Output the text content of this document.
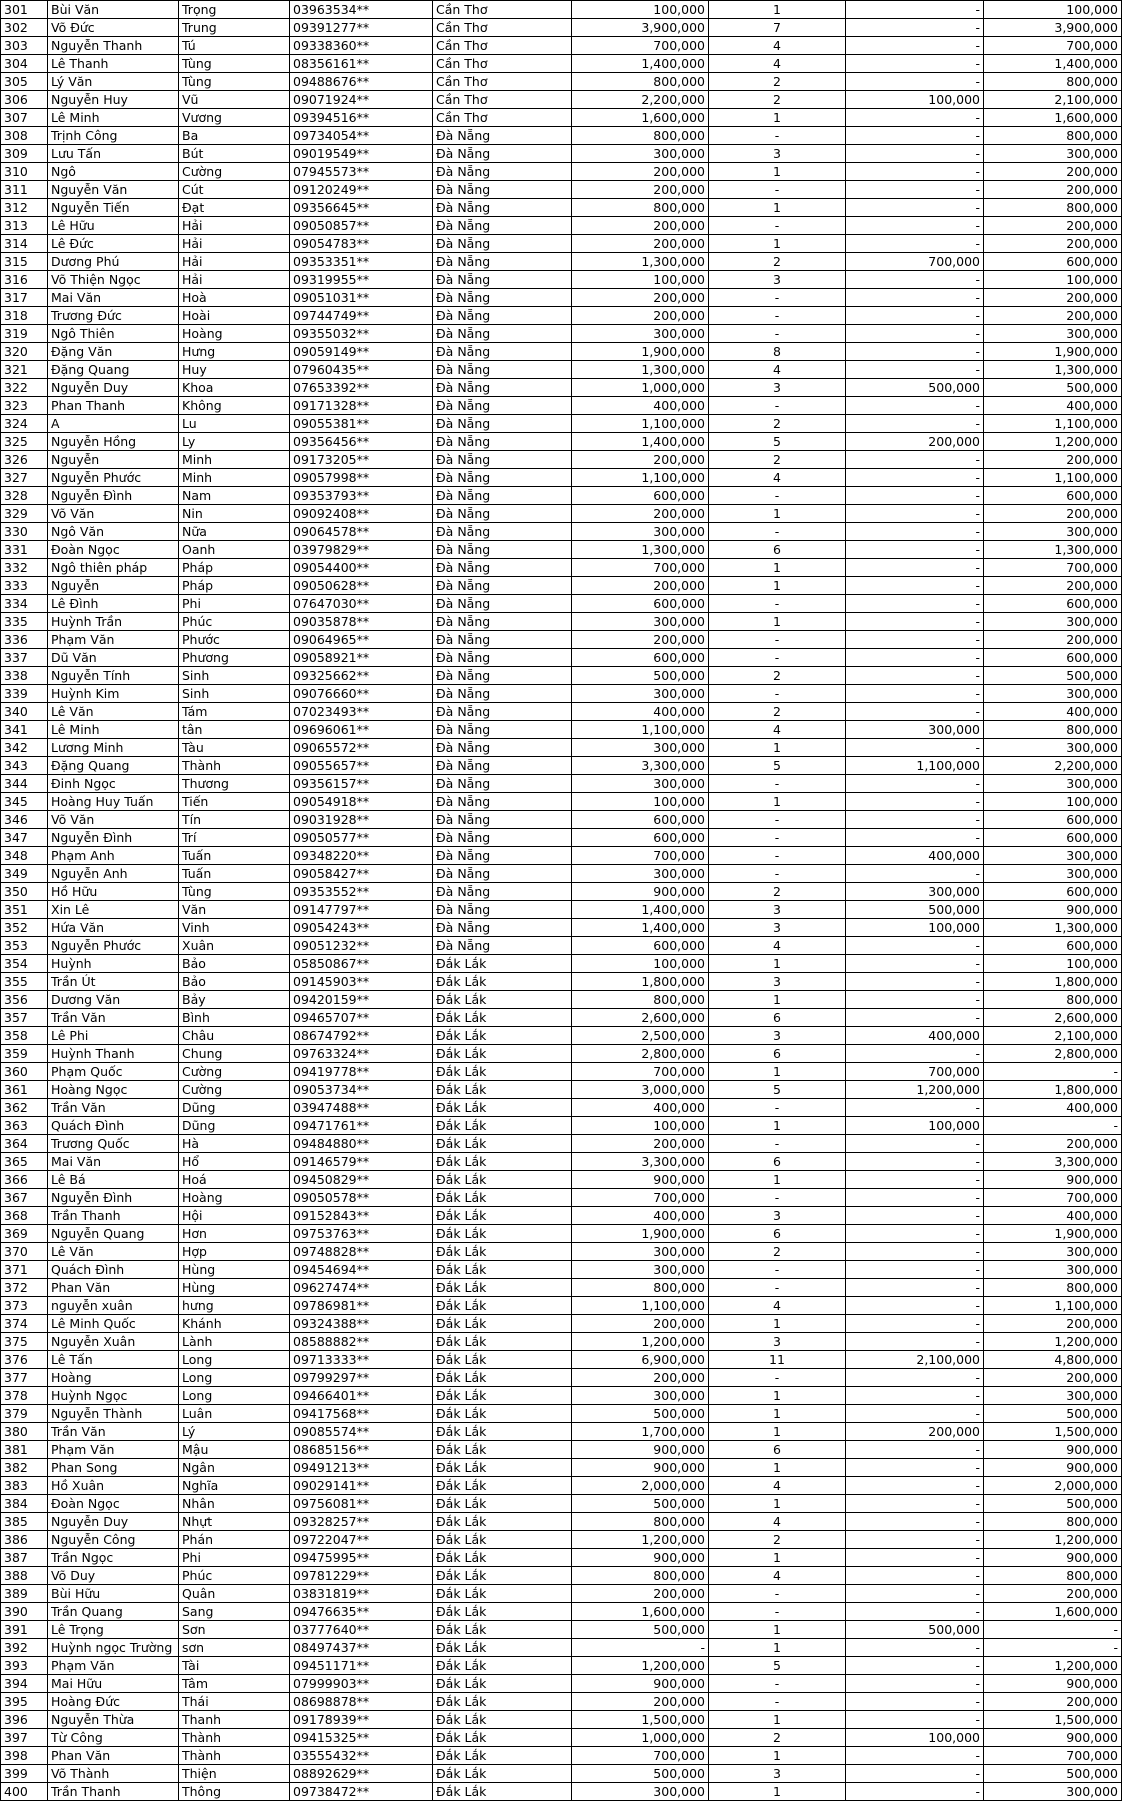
301	Bùi Văn	Trọng	03963534**	Cần Thơ	100,000	1	-	100,000
302	Võ Đức	Trung	09391277**	Cần Thơ	3,900,000	7	-	3,900,000
303	Nguyễn Thanh	Tú	09338360**	Cần Thơ	700,000	4	-	700,000
304	Lê Thanh	Tùng	08356161**	Cần Thơ	1,400,000	4	-	1,400,000
305	Lý Văn	Tùng	09488676**	Cần Thơ	800,000	2	-	800,000
306	Nguyễn Huy	Vũ	09071924**	Cần Thơ	2,200,000	2	100,000	2,100,000
307	Lê Minh	Vương	09394516**	Cần Thơ	1,600,000	1	-	1,600,000
308	Trịnh Công	Ba	09734054**	Đà Nẵng	800,000	-	-	800,000
309	Lưu Tấn	Bút	09019549**	Đà Nẵng	300,000	3	-	300,000
310	Ngô	Cường	07945573**	Đà Nẵng	200,000	1	-	200,000
311	Nguyễn Văn	Cút	09120249**	Đà Nẵng	200,000	-	-	200,000
312	Nguyễn Tiến	Đạt	09356645**	Đà Nẵng	800,000	1	-	800,000
313	Lê Hữu	Hải	09050857**	Đà Nẵng	200,000	-	-	200,000
314	Lê Đức	Hải	09054783**	Đà Nẵng	200,000	1	-	200,000
315	Dương Phú	Hải	09353351**	Đà Nẵng	1,300,000	2	700,000	600,000
316	Võ Thiện Ngọc	Hải	09319955**	Đà Nẵng	100,000	3	-	100,000
317	Mai Văn	Hoà	09051031**	Đà Nẵng	200,000	-	-	200,000
318	Trương Đức	Hoài	09744749**	Đà Nẵng	200,000	-	-	200,000
319	Ngô Thiên	Hoàng	09355032**	Đà Nẵng	300,000	-	-	300,000
320	Đặng Văn	Hưng	09059149**	Đà Nẵng	1,900,000	8	-	1,900,000
321	Đặng Quang	Huy	07960435**	Đà Nẵng	1,300,000	4	-	1,300,000
322	Nguyễn Duy	Khoa	07653392**	Đà Nẵng	1,000,000	3	500,000	500,000
323	Phan Thanh	Không	09171328**	Đà Nẵng	400,000	-	-	400,000
324	A	Lu	09055381**	Đà Nẵng	1,100,000	2	-	1,100,000
325	Nguyễn Hồng	Ly	09356456**	Đà Nẵng	1,400,000	5	200,000	1,200,000
326	Nguyễn	Minh	09173205**	Đà Nẵng	200,000	2	-	200,000
327	Nguyễn Phước	Minh	09057998**	Đà Nẵng	1,100,000	4	-	1,100,000
328	Nguyễn Đình	Nam	09353793**	Đà Nẵng	600,000	-	-	600,000
329	Võ Văn	Nin	09092408**	Đà Nẵng	200,000	1	-	200,000
330	Ngô Văn	Nữa	09064578**	Đà Nẵng	300,000	-	-	300,000
331	Đoàn Ngọc	Oanh	03979829**	Đà Nẵng	1,300,000	6	-	1,300,000
332	Ngô thiên pháp	Pháp	09054400**	Đà Nẵng	700,000	1	-	700,000
333	Nguyễn	Pháp	09050628**	Đà Nẵng	200,000	1	-	200,000
334	Lê Đình	Phi	07647030**	Đà Nẵng	600,000	-	-	600,000
335	Huỳnh Trần	Phúc	09035878**	Đà Nẵng	300,000	1	-	300,000
336	Phạm Văn	Phước	09064965**	Đà Nẵng	200,000	-	-	200,000
337	Dũ Văn	Phương	09058921**	Đà Nẵng	600,000	-	-	600,000
338	Nguyễn Tính	Sinh	09325662**	Đà Nẵng	500,000	2	-	500,000
339	Huỳnh Kim	Sinh	09076660**	Đà Nẵng	300,000	-	-	300,000
340	Lê Văn	Tám	07023493**	Đà Nẵng	400,000	2	-	400,000
341	Lê Minh	tân	09696061**	Đà Nẵng	1,100,000	4	300,000	800,000
342	Lương Minh	Tàu	09065572**	Đà Nẵng	300,000	1	-	300,000
343	Đặng Quang	Thành	09055657**	Đà Nẵng	3,300,000	5	1,100,000	2,200,000
344	Đinh Ngọc	Thương	09356157**	Đà Nẵng	300,000	-	-	300,000
345	Hoàng Huy Tuấn	Tiến	09054918**	Đà Nẵng	100,000	1	-	100,000
346	Võ Văn	Tín	09031928**	Đà Nẵng	600,000	-	-	600,000
347	Nguyễn Đình	Trí	09050577**	Đà Nẵng	600,000	-	-	600,000
348	Phạm Anh	Tuấn	09348220**	Đà Nẵng	700,000	-	400,000	300,000
349	Nguyễn Anh	Tuấn	09058427**	Đà Nẵng	300,000	-	-	300,000
350	Hồ Hữu	Tùng	09353552**	Đà Nẵng	900,000	2	300,000	600,000
351	Xin Lê	Văn	09147797**	Đà Nẵng	1,400,000	3	500,000	900,000
352	Hứa Văn	Vinh	09054243**	Đà Nẵng	1,400,000	3	100,000	1,300,000
353	Nguyễn Phước	Xuân	09051232**	Đà Nẵng	600,000	4	-	600,000
354	Huỳnh	Bảo	05850867**	Đắk Lắk	100,000	1	-	100,000
355	Trần Út	Bảo	09145903**	Đắk Lắk	1,800,000	3	-	1,800,000
356	Dương Văn	Bảy	09420159**	Đắk Lắk	800,000	1	-	800,000
357	Trần Văn	Bình	09465707**	Đắk Lắk	2,600,000	6	-	2,600,000
358	Lê Phi	Châu	08674792**	Đắk Lắk	2,500,000	3	400,000	2,100,000
359	Huỳnh Thanh	Chung	09763324**	Đắk Lắk	2,800,000	6	-	2,800,000
360	Phạm Quốc	Cường	09419778**	Đắk Lắk	700,000	1	700,000	-
361	Hoàng Ngọc	Cường	09053734**	Đắk Lắk	3,000,000	5	1,200,000	1,800,000
362	Trần Văn	Dũng	03947488**	Đắk Lắk	400,000	-	-	400,000
363	Quách Đình	Dũng	09471761**	Đắk Lắk	100,000	1	100,000	-
364	Trương Quốc	Hà	09484880**	Đắk Lắk	200,000	-	-	200,000
365	Mai Văn	Hổ	09146579**	Đắk Lắk	3,300,000	6	-	3,300,000
366	Lê Bá	Hoá	09450829**	Đắk Lắk	900,000	1	-	900,000
367	Nguyễn Đình	Hoàng	09050578**	Đắk Lắk	700,000	-	-	700,000
368	Trần Thanh	Hội	09152843**	Đắk Lắk	400,000	3	-	400,000
369	Nguyễn Quang	Hơn	09753763**	Đắk Lắk	1,900,000	6	-	1,900,000
370	Lê Văn	Hợp	09748828**	Đắk Lắk	300,000	2	-	300,000
371	Quách Đình	Hùng	09454694**	Đắk Lắk	300,000	-	-	300,000
372	Phan Văn	Hùng	09627474**	Đắk Lắk	800,000	-	-	800,000
373	nguyễn xuân	hưng	09786981**	Đắk Lắk	1,100,000	4	-	1,100,000
374	Lê Minh Quốc	Khánh	09324388**	Đắk Lắk	200,000	1	-	200,000
375	Nguyễn Xuân	Lành	08588882**	Đắk Lắk	1,200,000	3	-	1,200,000
376	Lê Tấn	Long	09713333**	Đắk Lắk	6,900,000	11	2,100,000	4,800,000
377	Hoàng	Long	09799297**	Đắk Lắk	200,000	-	-	200,000
378	Huỳnh Ngọc	Long	09466401**	Đắk Lắk	300,000	1	-	300,000
379	Nguyễn Thành	Luân	09417568**	Đắk Lắk	500,000	1	-	500,000
380	Trần Văn	Lý	09085574**	Đắk Lắk	1,700,000	1	200,000	1,500,000
381	Phạm Văn	Mậu	08685156**	Đắk Lắk	900,000	6	-	900,000
382	Phan Song	Ngân	09491213**	Đắk Lắk	900,000	1	-	900,000
383	Hồ Xuân	Nghĩa	09029141**	Đắk Lắk	2,000,000	4	-	2,000,000
384	Đoàn Ngọc	Nhân	09756081**	Đắk Lắk	500,000	1	-	500,000
385	Nguyễn Duy	Nhựt	09328257**	Đắk Lắk	800,000	4	-	800,000
386	Nguyễn Công	Phán	09722047**	Đắk Lắk	1,200,000	2	-	1,200,000
387	Trần Ngọc	Phi	09475995**	Đắk Lắk	900,000	1	-	900,000
388	Võ Duy	Phúc	09781229**	Đắk Lắk	800,000	4	-	800,000
389	Bùi Hữu	Quân	03831819**	Đắk Lắk	200,000	-	-	200,000
390	Trần Quang	Sang	09476635**	Đắk Lắk	1,600,000	-	-	1,600,000
391	Lê Trọng	Sơn	03777640**	Đắk Lắk	500,000	1	500,000	-
392	Huỳnh ngọc Trường	sơn	08497437**	Đắk Lắk	-	1	-	-
393	Phạm Văn	Tài	09451171**	Đắk Lắk	1,200,000	5	-	1,200,000
394	Mai Hữu	Tâm	07999903**	Đắk Lắk	900,000	-	-	900,000
395	Hoàng Đức	Thái	08698878**	Đắk Lắk	200,000	-	-	200,000
396	Nguyễn Thừa	Thanh	09178939**	Đắk Lắk	1,500,000	1	-	1,500,000
397	Từ Công	Thành	09415325**	Đắk Lắk	1,000,000	2	100,000	900,000
398	Phan Văn	Thành	03555432**	Đắk Lắk	700,000	1	-	700,000
399	Võ Thành	Thiện	08892629**	Đắk Lắk	500,000	3	-	500,000
400	Trần Thanh	Thông	09738472**	Đắk Lắk	300,000	1	-	300,000
